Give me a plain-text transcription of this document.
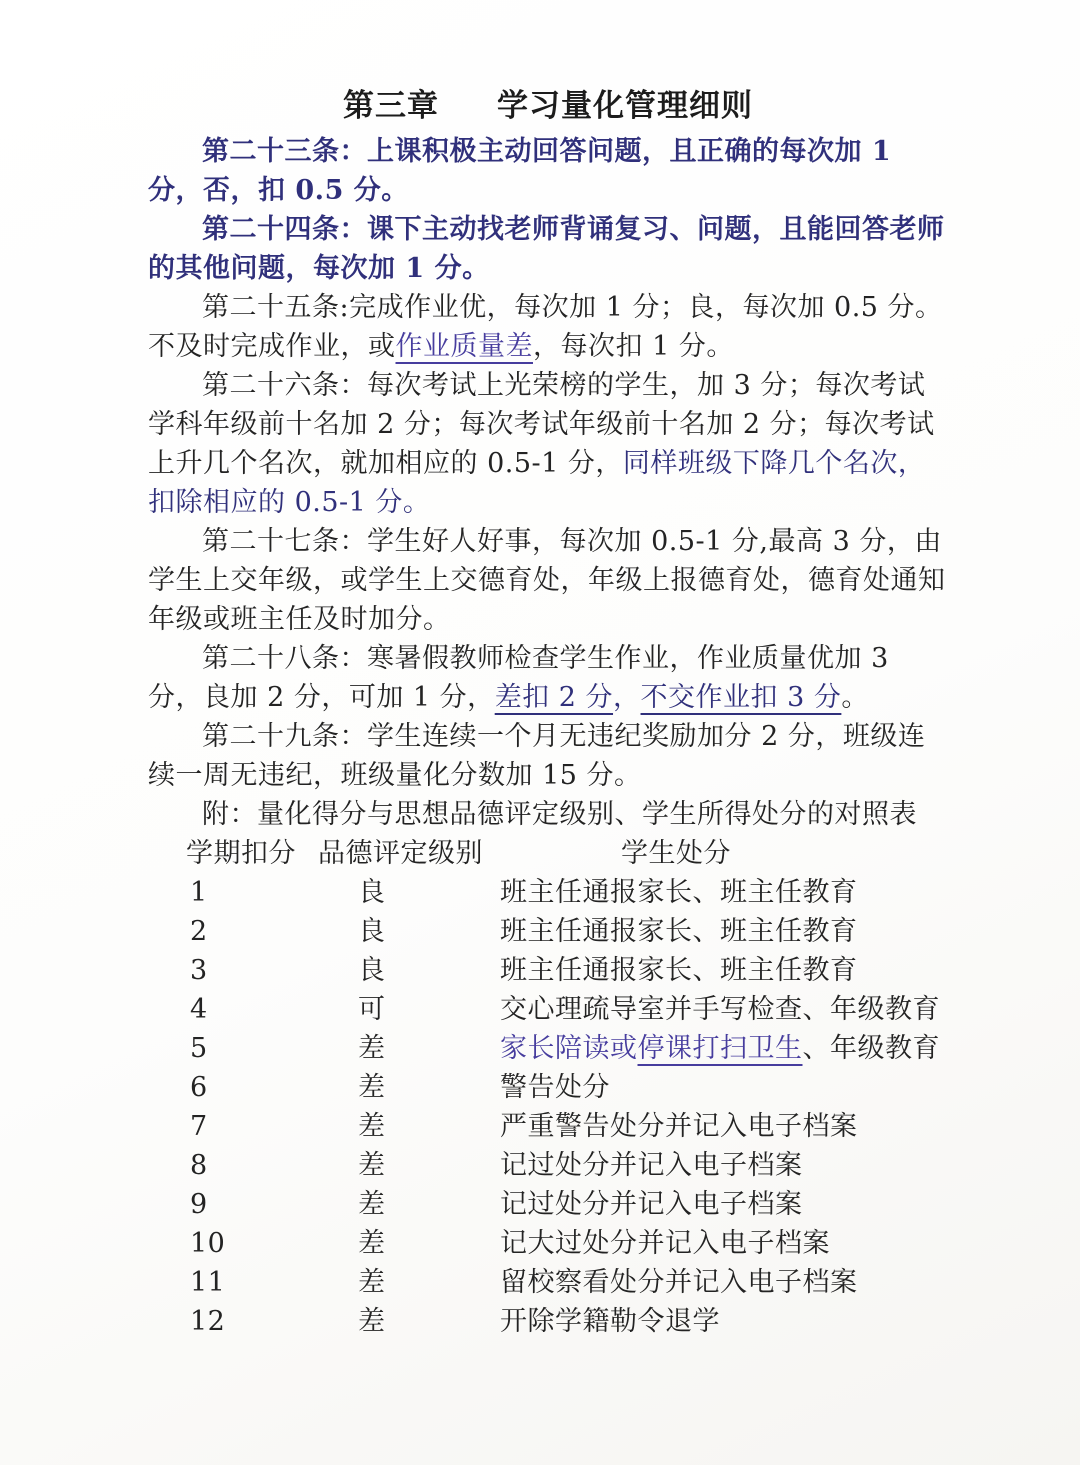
第三章 学习量化管理细则

第二十三条：上课积极主动回答问题，且正确的每次加 1 分，否，扣 0.5 分。

第二十四条：课下主动找老师背诵复习、问题，且能回答老师的其他问题，每次加 1 分。

第二十五条:完成作业优，每次加 1 分；良，每次加 0.5 分。不及时完成作业，或作业质量差，每次扣 1 分。

第二十六条：每次考试上光荣榜的学生，加 3 分；每次考试学科年级前十名加 2 分；每次考试年级前十名加 2 分；每次考试上升几个名次，就加相应的 0.5-1 分，同样班级下降几个名次，扣除相应的 0.5-1 分。

第二十七条：学生好人好事，每次加 0.5-1 分,最高 3 分，由学生上交年级，或学生上交德育处，年级上报德育处，德育处通知年级或班主任及时加分。

第二十八条：寒暑假教师检查学生作业，作业质量优加 3 分，良加 2 分，可加 1 分，差扣 2 分，不交作业扣 3 分。

第二十九条：学生连续一个月无违纪奖励加分 2 分，班级连续一周无违纪，班级量化分数加 15 分。

附：量化得分与思想品德评定级别、学生所得处分的对照表

学期扣分 品德评定级别	学生处分
1	良	班主任通报家长、班主任教育
2	良	班主任通报家长、班主任教育
3	良	班主任通报家长、班主任教育
4	可	交心理疏导室并手写检查、年级教育
5	差	家长陪读或停课打扫卫生、年级教育
6	差	警告处分
7	差	严重警告处分并记入电子档案
8	差	记过处分并记入电子档案
9	差	记过处分并记入电子档案
10	差	记大过处分并记入电子档案
11	差	留校察看处分并记入电子档案
12	差	开除学籍勒令退学
